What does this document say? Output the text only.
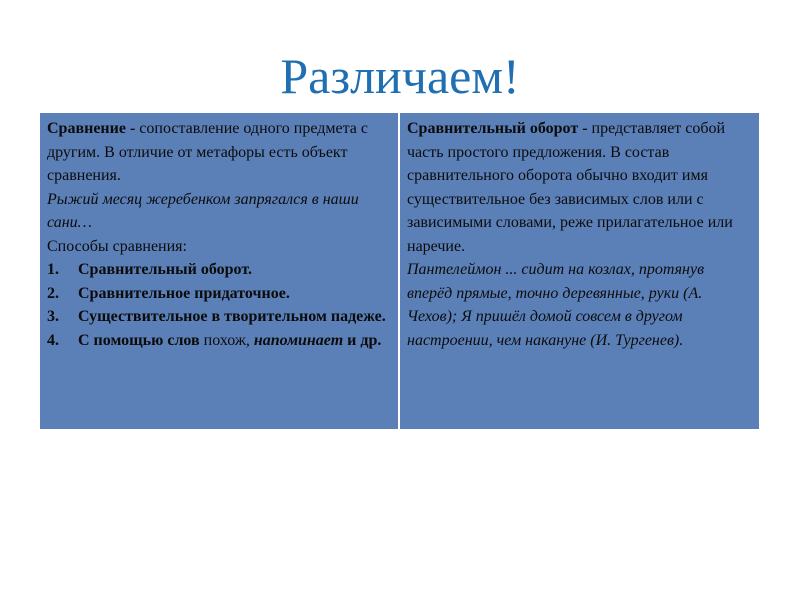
Различаем!

Сравнение - сопоставление одного предмета с другим. В отличие от метафоры есть объект сравнения.

Рыжий месяц жеребенком запрягался в наши сани…

Способы сравнения:

1. Сравнительный оборот.
2. Сравнительное придаточное.
3. Существительное в творительном падеже.
4. С помощью слов похож, напоминает и др.

Сравнительный оборот - представляет собой часть простого предложения. В состав сравнительного оборота обычно входит имя существительное без зависимых слов или с зависимыми словами, реже прилагательное или наречие.

Пантелеймон ... сидит на козлах, протянув вперёд прямые, точно деревянные, руки (А. Чехов); Я пришёл домой совсем в другом настроении, чем накануне (И. Тургенев).
